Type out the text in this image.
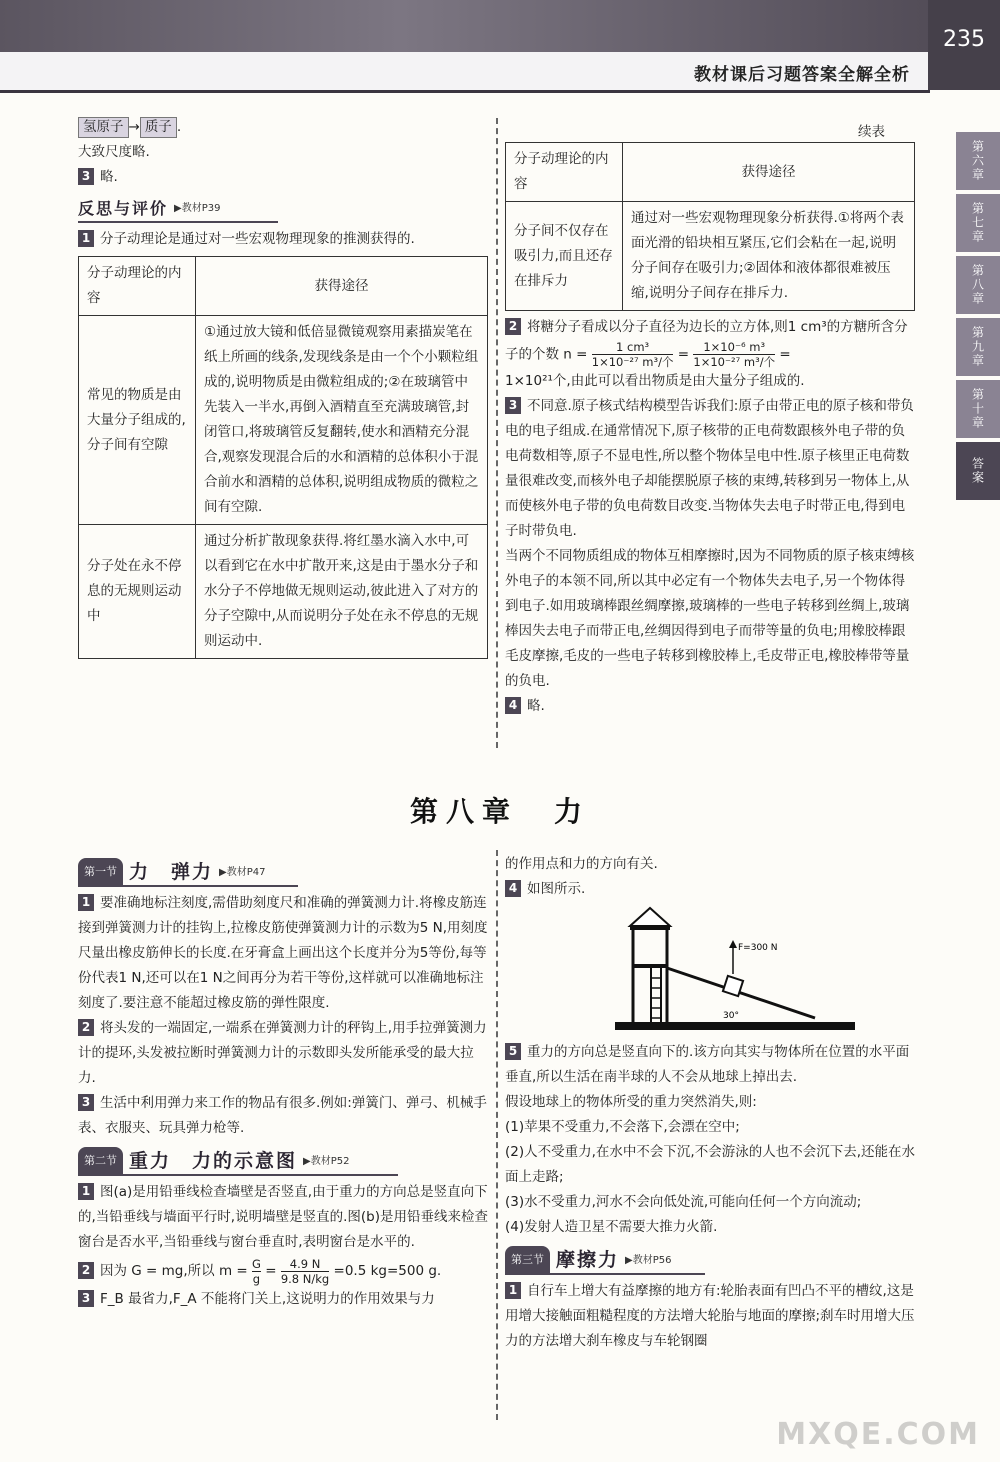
教材课后习题答案全解全析
235
第六章
第七章
第八章
第九章
第十章
答案

氢原子 → 质子 .

大致尺度略.

3 略.

反思与评价 ▶教材P39

1 分子动理论是通过对一些宏观物理现象的推测获得的.

分子动理论的内容	获得途径
常见的物质是由大量分子组成的,分子间有空隙	①通过放大镜和低倍显微镜观察用素描炭笔在纸上所画的线条,发现线条是由一个个小颗粒组成的,说明物质是由微粒组成的;②在玻璃管中先装入一半水,再倒入酒精直至充满玻璃管,封闭管口,将玻璃管反复翻转,使水和酒精充分混合,观察发现混合后的水和酒精的总体积小于混合前水和酒精的总体积,说明组成物质的微粒之间有空隙.
分子处在永不停息的无规则运动中	通过分析扩散现象获得.将红墨水滴入水中,可以看到它在水中扩散开来,这是由于墨水分子和水分子不停地做无规则运动,彼此进入了对方的分子空隙中,从而说明分子处在永不停息的无规则运动中.
续表
分子动理论的内容	获得途径
分子间不仅存在吸引力,而且还存在排斥力	通过对一些宏观物理现象分析获得.①将两个表面光滑的铅块相互紧压,它们会粘在一起,说明分子间存在吸引力;②固体和液体都很难被压缩,说明分子间存在排斥力.

2 将糖分子看成以分子直径为边长的立方体,则1 cm³的方糖所含分子的个数 $n = \frac{\text{1 cm³}}{\text{1×10⁻²⁷ m³/个}} = \frac{\text{1×10⁻⁶ m³}}{\text{1×10⁻²⁷ m³/个}}$ =

1×10²¹个,由此可以看出物质是由大量分子组成的.

3 不同意.原子核式结构模型告诉我们:原子由带正电的原子核和带负电的电子组成.在通常情况下,原子核带的正电荷数跟核外电子带的负电荷数相等,原子不显电性,所以整个物体呈电中性.原子核里正电荷数量很难改变,而核外电子却能摆脱原子核的束缚,转移到另一物体上,从而使核外电子带的负电荷数目改变.当物体失去电子时带正电,得到电子时带负电.

当两个不同物质组成的物体互相摩擦时,因为不同物质的原子核束缚核外电子的本领不同,所以其中必定有一个物体失去电子,另一个物体得到电子.如用玻璃棒跟丝绸摩擦,玻璃棒的一些电子转移到丝绸上,玻璃棒因失去电子而带正电,丝绸因得到电子而带等量的负电;用橡胶棒跟毛皮摩擦,毛皮的一些电子转移到橡胶棒上,毛皮带正电,橡胶棒带等量的负电.

4 略.

第八章　力
第一节 力　弹力 ▶教材P47

1 要准确地标注刻度,需借助刻度尺和准确的弹簧测力计.将橡皮筋连接到弹簧测力计的挂钩上,拉橡皮筋使弹簧测力计的示数为5 N,用刻度尺量出橡皮筋伸长的长度.在牙膏盒上画出这个长度并分为5等份,每等份代表1 N,还可以在1 N之间再分为若干等份,这样就可以准确地标注刻度了.要注意不能超过橡皮筋的弹性限度.

2 将头发的一端固定,一端系在弹簧测力计的秤钩上,用手拉弹簧测力计的提环,头发被拉断时弹簧测力计的示数即头发所能承受的最大拉力.

3 生活中利用弹力来工作的物品有很多.例如:弹簧门、弹弓、机械手表、衣服夹、玩具弹力枪等.

第二节 重力　力的示意图 ▶教材P52

1 图(a)是用铅垂线检查墙壁是否竖直,由于重力的方向总是竖直向下的,当铅垂线与墙面平行时,说明墙壁是竖直的.图(b)是用铅垂线来检查窗台是否水平,当铅垂线与窗台垂直时,表明窗台是水平的.

2 因为 G = mg,所以 $m = \frac{G}{g} = \frac{4.9 N}{9.8 N/kg} =0.5$ kg=500 g.

3 F_B 最省力,F_A 不能将门关上,这说明力的作用效果与力

的作用点和力的方向有关.

4 如图所示.

F=300 N
30°

5 重力的方向总是竖直向下的.该方向其实与物体所在位置的水平面垂直,所以生活在南半球的人不会从地球上掉出去.

假设地球上的物体所受的重力突然消失,则:

(1)苹果不受重力,不会落下,会漂在空中;

(2)人不受重力,在水中不会下沉,不会游泳的人也不会沉下去,还能在水面上走路;

(3)水不受重力,河水不会向低处流,可能向任何一个方向流动;

(4)发射人造卫星不需要大推力火箭.

第三节 摩擦力 ▶教材P56

1 自行车上增大有益摩擦的地方有:轮胎表面有凹凸不平的槽纹,这是用增大接触面粗糙程度的方法增大轮胎与地面的摩擦;刹车时用增大压力的方法增大刹车橡皮与车轮钢圈

MXQE.COM
